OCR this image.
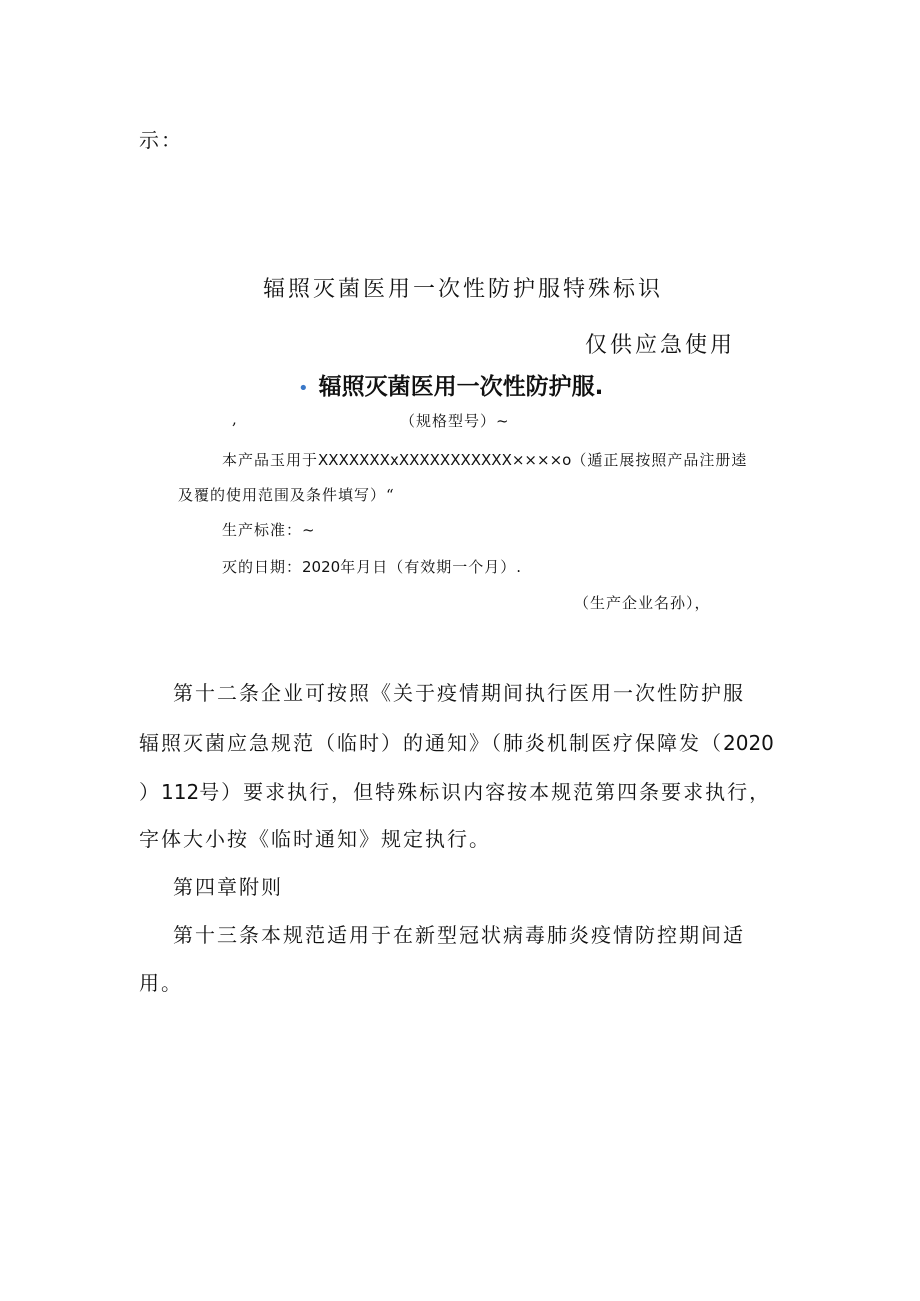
示：
辐照灭菌医用一次性防护服特殊标识
仅供应急使用
• 辐照灭菌医用一次性防护服.
,	（规格型号）~
本产品玉用于XXXXXXXxXXXXXXXXXXX××××o（遁正展按照产品注册逵
及覆的使用范围及条件填写）“
生产标准：~
灭的日期：2020年月日（有效期一个月）.
（生产企业名孙），
第十二条企业可按照《关于疫情期间执行医用一次性防护服
辐照灭菌应急规范（临时）的通知》（肺炎机制医疗保障发（2020
）112号）要求执行，但特殊标识内容按本规范第四条要求执行，
字体大小按《临时通知》规定执行。
第四章附则
第十三条本规范适用于在新型冠状病毒肺炎疫情防控期间适
用。
